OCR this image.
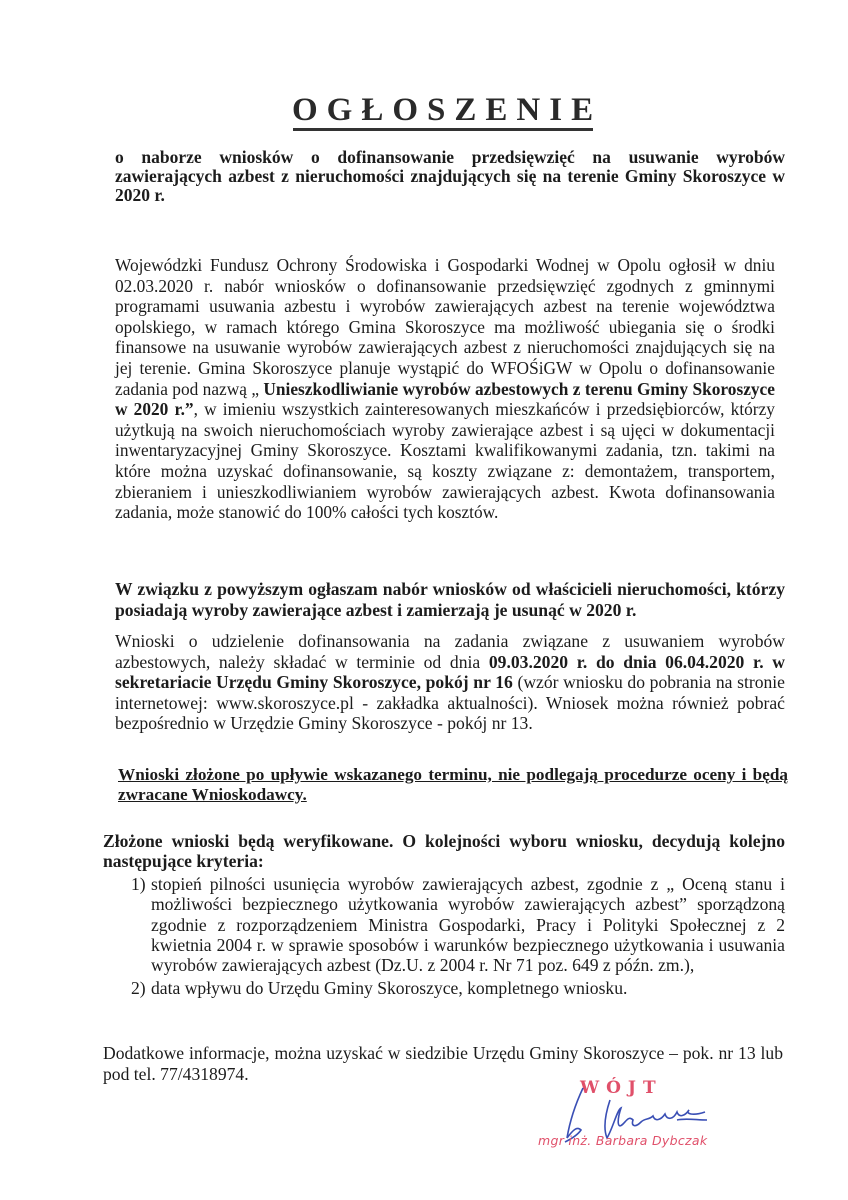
OGŁOSZENIE
o naborze wniosków o dofinansowanie przedsięwzięć na usuwanie wyrobów zawierających azbest z nieruchomości znajdujących się na terenie Gminy Skoroszyce w 2020 r.
Wojewódzki Fundusz Ochrony Środowiska i Gospodarki Wodnej w Opolu ogłosił w dniu 02.03.2020 r. nabór wniosków o dofinansowanie przedsięwzięć zgodnych z gminnymi programami usuwania azbestu i wyrobów zawierających azbest na terenie województwa opolskiego, w ramach którego Gmina Skoroszyce ma możliwość ubiegania się o środki finansowe na usuwanie wyrobów zawierających azbest z nieruchomości znajdujących się na jej terenie. Gmina Skoroszyce planuje wystąpić do WFOŚiGW w Opolu o dofinansowanie zadania pod nazwą „ Unieszkodliwianie wyrobów azbestowych z terenu Gminy Skoroszyce w 2020 r.”, w imieniu wszystkich zainteresowanych mieszkańców i przedsiębiorców, którzy użytkują na swoich nieruchomościach wyroby zawierające azbest i są ujęci w dokumentacji inwentaryzacyjnej Gminy Skoroszyce. Kosztami kwalifikowanymi zadania, tzn. takimi na które można uzyskać dofinansowanie, są koszty związane z: demontażem, transportem, zbieraniem i unieszkodliwianiem wyrobów zawierających azbest. Kwota dofinansowania zadania, może stanowić do 100% całości tych kosztów.
W związku z powyższym ogłaszam nabór wniosków od właścicieli nieruchomości, którzy posiadają wyroby zawierające azbest i zamierzają je usunąć w 2020 r.
Wnioski o udzielenie dofinansowania na zadania związane z usuwaniem wyrobów azbestowych, należy składać w terminie od dnia 09.03.2020 r. do dnia 06.04.2020 r. w sekretariacie Urzędu Gminy Skoroszyce, pokój nr 16 (wzór wniosku do pobrania na stronie internetowej: www.skoroszyce.pl - zakładka aktualności). Wniosek można również pobrać bezpośrednio w Urzędzie Gminy Skoroszyce - pokój nr 13.
Wnioski złożone po upływie wskazanego terminu, nie podlegają procedurze oceny i będą zwracane Wnioskodawcy.
Złożone wnioski będą weryfikowane. O kolejności wyboru wniosku, decydują kolejno następujące kryteria:
1) stopień pilności usunięcia wyrobów zawierających azbest, zgodnie z „ Oceną stanu i możliwości bezpiecznego użytkowania wyrobów zawierających azbest” sporządzoną zgodnie z rozporządzeniem Ministra Gospodarki, Pracy i Polityki Społecznej z 2 kwietnia 2004 r. w sprawie sposobów i warunków bezpiecznego użytkowania i usuwania wyrobów zawierających azbest (Dz.U. z 2004 r. Nr 71 poz. 649 z późn. zm.),
2) data wpływu do Urzędu Gminy Skoroszyce, kompletnego wniosku.
Dodatkowe informacje, można uzyskać w siedzibie Urzędu Gminy Skoroszyce – pok. nr 13 lub pod tel. 77/4318974.
WÓJT
mgr inż. Barbara Dybczak
